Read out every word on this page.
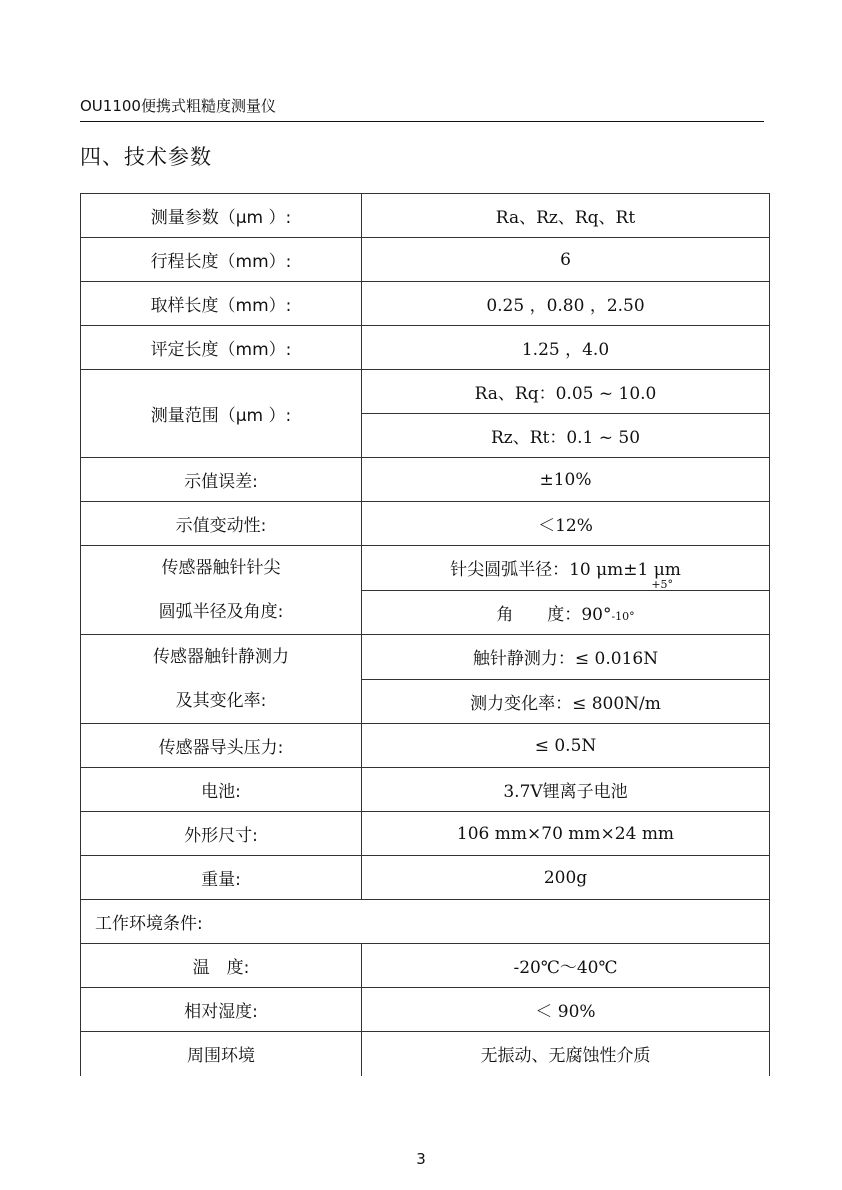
OU1100便携式粗糙度测量仪
四、技术参数
测量参数（μm ）:	Ra、Rz、Rq、Rt
行程长度（mm）:	6
取样长度（mm）:	0.25 ，0.80 ，2.50
评定长度（mm）:	1.25 ，4.0
测量范围（μm ）:	Ra、Rq：0.05 ~ 10.0
	Rz、Rt：0.1 ~ 50
示值误差:	±10%
示值变动性:	＜12%

传感器触针针尖
圆弧半径及角度:	针尖圆弧半径：10 μm±1 μm
	角　　度：90°-10°
+5°

传感器触针静测力
及其变化率:	触针静测力：≤ 0.016N
	测力变化率：≤ 800N/m
传感器导头压力:	≤ 0.5N
电池:	3.7V锂离子电池
外形尺寸:	106 mm×70 mm×24 mm
重量:	200g
工作环境条件:	
温　度:	-20℃～40℃
相对湿度:	＜ 90%
周围环境	无振动、无腐蚀性介质
3
